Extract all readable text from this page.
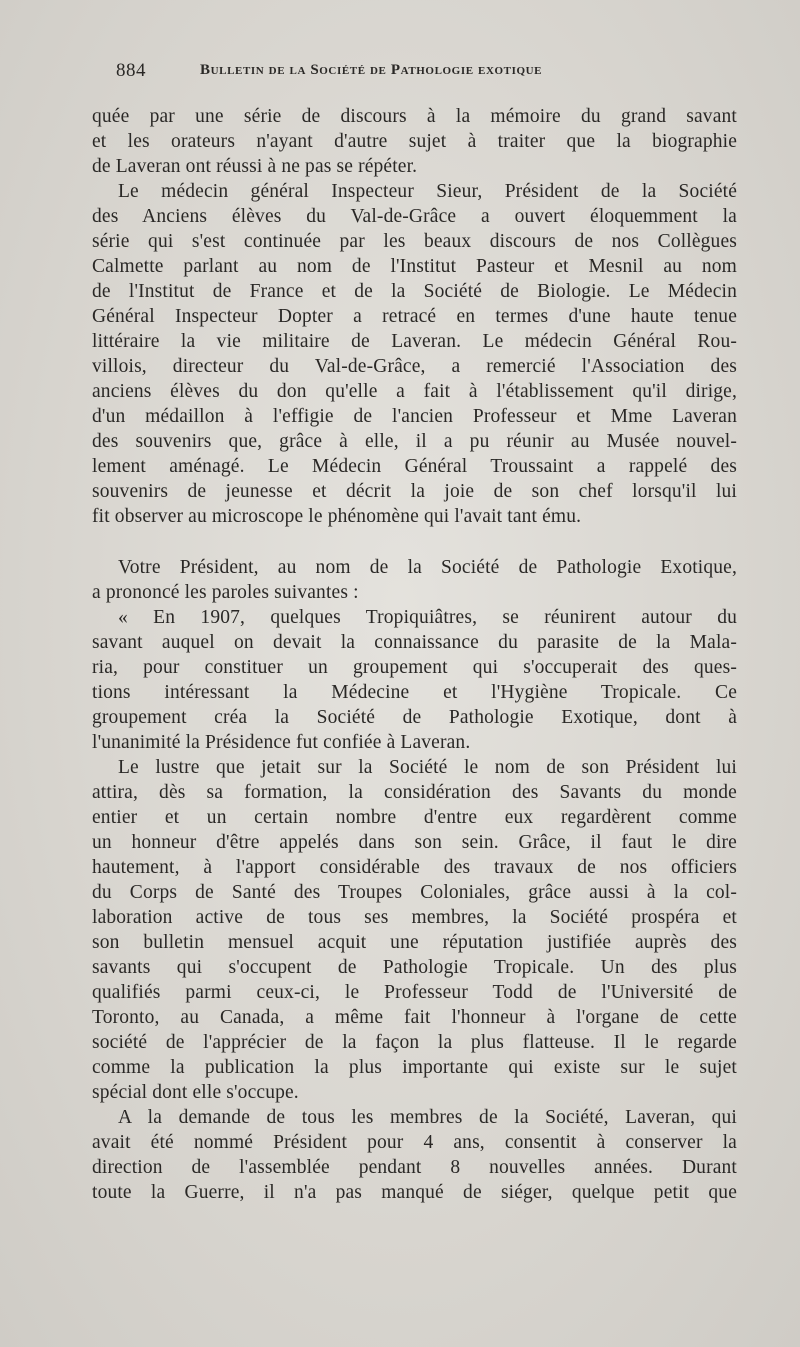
884	Bulletin de la Société de Pathologie exotique
quée par une série de discours à la mémoire du grand savant
et les orateurs n'ayant d'autre sujet à traiter que la biographie
de Laveran ont réussi à ne pas se répéter.
Le médecin général Inspecteur Sieur, Président de la Société
des Anciens élèves du Val-de-Grâce a ouvert éloquemment la
série qui s'est continuée par les beaux discours de nos Collègues
Calmette parlant au nom de l'Institut Pasteur et Mesnil au nom
de l'Institut de France et de la Société de Biologie. Le Médecin
Général Inspecteur Dopter a retracé en termes d'une haute tenue
littéraire la vie militaire de Laveran. Le médecin Général Rou-
villois, directeur du Val-de-Grâce, a remercié l'Association des
anciens élèves du don qu'elle a fait à l'établissement qu'il dirige,
d'un médaillon à l'effigie de l'ancien Professeur et Mme Laveran
des souvenirs que, grâce à elle, il a pu réunir au Musée nouvel-
lement aménagé. Le Médecin Général Troussaint a rappelé des
souvenirs de jeunesse et décrit la joie de son chef lorsqu'il lui
fit observer au microscope le phénomène qui l'avait tant ému.
Votre Président, au nom de la Société de Pathologie Exotique,
a prononcé les paroles suivantes :
« En 1907, quelques Tropiquiâtres, se réunirent autour du
savant auquel on devait la connaissance du parasite de la Mala-
ria, pour constituer un groupement qui s'occuperait des ques-
tions intéressant la Médecine et l'Hygiène Tropicale. Ce
groupement créa la Société de Pathologie Exotique, dont à
l'unanimité la Présidence fut confiée à Laveran.
Le lustre que jetait sur la Société le nom de son Président lui
attira, dès sa formation, la considération des Savants du monde
entier et un certain nombre d'entre eux regardèrent comme
un honneur d'être appelés dans son sein. Grâce, il faut le dire
hautement, à l'apport considérable des travaux de nos officiers
du Corps de Santé des Troupes Coloniales, grâce aussi à la col-
laboration active de tous ses membres, la Société prospéra et
son bulletin mensuel acquit une réputation justifiée auprès des
savants qui s'occupent de Pathologie Tropicale. Un des plus
qualifiés parmi ceux-ci, le Professeur Todd de l'Université de
Toronto, au Canada, a même fait l'honneur à l'organe de cette
société de l'apprécier de la façon la plus flatteuse. Il le regarde
comme la publication la plus importante qui existe sur le sujet
spécial dont elle s'occupe.
A la demande de tous les membres de la Société, Laveran, qui
avait été nommé Président pour 4 ans, consentit à conserver la
direction de l'assemblée pendant 8 nouvelles années. Durant
toute la Guerre, il n'a pas manqué de siéger, quelque petit que
